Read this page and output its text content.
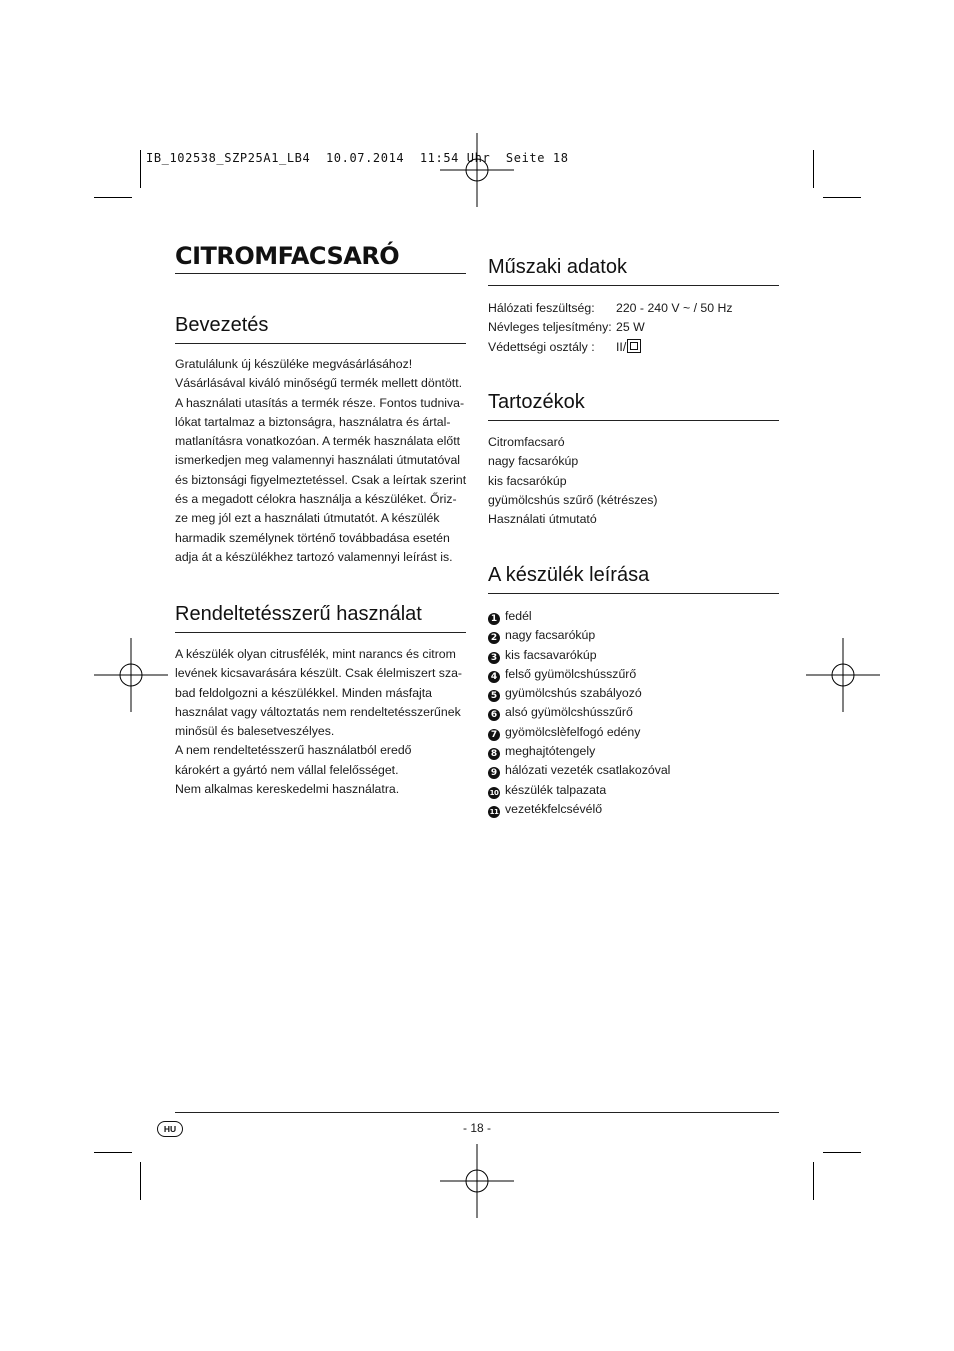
IB_102538_SZP25A1_LB4  10.07.2014  11:54 Uhr  Seite 18
CITROMFACSARÓ
Bevezetés
Gratulálunk új készüléke megvásárlásához!
Vásárlásával kiváló minőségű termék mellett döntött.
A használati utasítás a termék része. Fontos tudniva-
lókat tartalmaz a biztonságra, használatra és ártal-
matlanításra vonatkozóan. A termék használata előtt
ismerkedjen meg valamennyi használati útmutatóval
és biztonsági figyelmeztetéssel. Csak a leírtak szerint
és a megadott célokra használja a készüléket. Őriz-
ze meg jól ezt a használati útmutatót. A készülék
harmadik személynek történő továbbadása esetén
adja át a készülékhez tartozó valamennyi leírást is.
Rendeltetésszerű használat
A készülék olyan citrusfélék, mint narancs és citrom
levének kicsavarására készült. Csak élelmiszert sza-
bad feldolgozni a készülékkel. Minden másfajta
használat vagy változtatás nem rendeltetésszerűnek
minősül és balesetveszélyes.
A nem rendeltetésszerű használatból eredő
károkért a gyártó nem vállal felelősséget.
Nem alkalmas kereskedelmi használatra.
Műszaki adatok
Hálózati feszültség: 220 - 240 V ~ / 50 Hz
Névleges teljesítmény: 25 W
Védettségi osztály : II/
Tartozékok
Citromfacsaró
nagy facsarókúp
kis facsarókúp
gyümölcshús szűrő (kétrészes)
Használati útmutató
A készülék leírása
1 fedél
2 nagy facsarókúp
3 kis facsavarókúp
4 felső gyümölcshússzűrő
5 gyümölcshús szabályozó
6 alsó gyümölcshússzűrő
7 gyömölcslèfelfogó edény
8 meghajtótengely
9 hálózati vezeték csatlakozóval
10 készülék talpazata
11 vezetékfelcsévélő
HU	- 18 -
